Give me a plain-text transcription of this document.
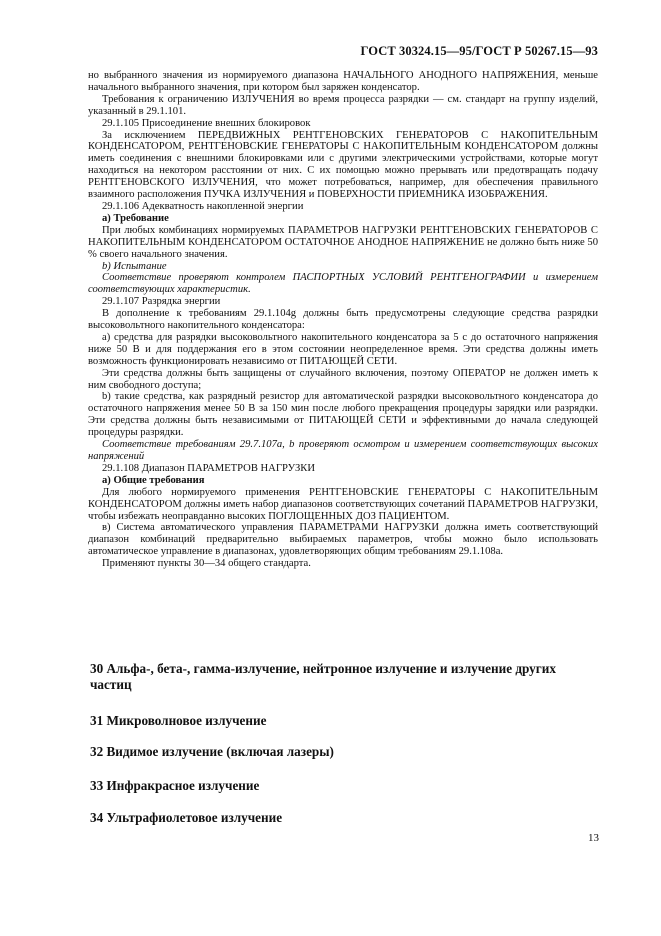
ГОСТ 30324.15—95/ГОСТ Р 50267.15—93

но выбранного значения из нормируемого диапазона НАЧАЛЬНОГО АНОДНОГО НАПРЯЖЕНИЯ, меньше начального выбранного значения, при котором был заряжен конденсатор.

Требования к ограничению ИЗЛУЧЕНИЯ во время процесса разрядки — см. стандарт на группу изделий, указанный в 29.1.101.

29.1.105 Присоединение внешних блокировок

За исключением ПЕРЕДВИЖНЫХ РЕНТГЕНОВСКИХ ГЕНЕРАТОРОВ С НАКОПИТЕЛЬНЫМ КОНДЕНСАТОРОМ, РЕНТГЕНОВСКИЕ ГЕНЕРАТОРЫ С НАКОПИТЕЛЬНЫМ КОНДЕНСАТОРОМ должны иметь соединения с внешними блокировками или с другими электрическими устройствами, которые могут находиться на некотором расстоянии от них. С их помощью можно прерывать или предотвращать подачу РЕНТГЕНОВСКОГО ИЗЛУЧЕНИЯ, что может потребоваться, например, для обеспечения правильного взаимного расположения ПУЧКА ИЗЛУЧЕНИЯ и ПОВЕРХНОСТИ ПРИЕМНИКА ИЗОБРАЖЕНИЯ.

29.1.106 Адекватность накопленной энергии

а) Требование

При любых комбинациях нормируемых ПАРАМЕТРОВ НАГРУЗКИ РЕНТГЕНОВСКИХ ГЕНЕРАТОРОВ С НАКОПИТЕЛЬНЫМ КОНДЕНСАТОРОМ ОСТАТОЧНОЕ АНОДНОЕ НАПРЯЖЕНИЕ не должно быть ниже 50 % своего начального значения.

b) Испытание

Соответствие проверяют контролем ПАСПОРТНЫХ УСЛОВИЙ РЕНТГЕНОГРАФИИ и измерением соответствующих характеристик.

29.1.107 Разрядка энергии

В дополнение к требованиям 29.1.104g должны быть предусмотрены следующие средства разрядки высоковольтного накопительного конденсатора:

а) средства для разрядки высоковольтного накопительного конденсатора за 5 с до остаточного напряжения ниже 50 В и для поддержания его в этом состоянии неопределенное время. Эти средства должны иметь возможность функционировать независимо от ПИТАЮЩЕЙ СЕТИ.

Эти средства должны быть защищены от случайного включения, поэтому ОПЕРАТОР не должен иметь к ним свободного доступа;

b) такие средства, как разрядный резистор для автоматической разрядки высоковольтного конденсатора до остаточного напряжения менее 50 В за 150 мин после любого прекращения процедуры зарядки или разрядки. Эти средства должны быть независимыми от ПИТАЮЩЕЙ СЕТИ и эффективными до начала следующей процедуры разрядки.

Соответствие требованиям 29.7.107a, b проверяют осмотром и измерением соответствующих высоких напряжений

29.1.108 Диапазон ПАРАМЕТРОВ НАГРУЗКИ

а) Общие требования

Для любого нормируемого применения РЕНТГЕНОВСКИЕ ГЕНЕРАТОРЫ С НАКОПИТЕЛЬНЫМ КОНДЕНСАТОРОМ должны иметь набор диапазонов соответствующих сочетаний ПАРАМЕТРОВ НАГРУЗКИ, чтобы избежать неоправданно высоких ПОГЛОЩЕННЫХ ДОЗ ПАЦИЕНТОМ.

в) Система автоматического управления ПАРАМЕТРАМИ НАГРУЗКИ должна иметь соответствующий диапазон комбинаций предварительно выбираемых параметров, чтобы можно было использовать автоматическое управление в диапазонах, удовлетворяющих общим требованиям 29.1.108a.

Применяют пункты 30—34 общего стандарта.

30 Альфа-, бета-, гамма-излучение, нейтронное излучение и излучение других частиц
31 Микроволновое излучение
32 Видимое излучение (включая лазеры)
33 Инфракрасное излучение
34 Ультрафиолетовое излучение
13
